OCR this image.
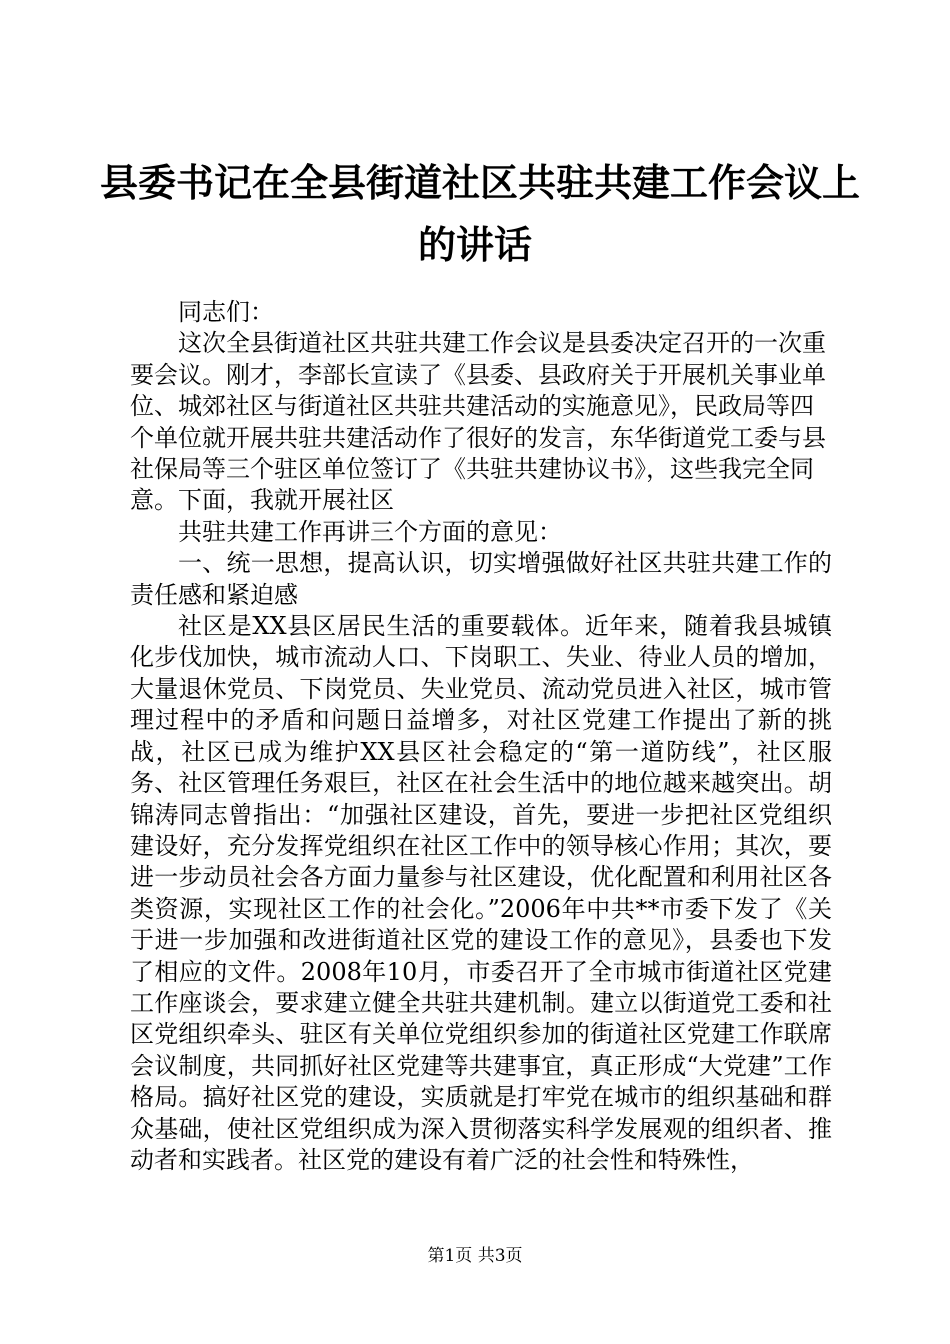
县委书记在全县街道社区共驻共建工作会议上
的讲话

同志们：

这次全县街道社区共驻共建工作会议是县委决定召开的一次重要会议。刚才，李部长宣读了《县委、县政府关于开展机关事业单位、城郊社区与街道社区共驻共建活动的实施意见》，民政局等四个单位就开展共驻共建活动作了很好的发言，东华街道党工委与县社保局等三个驻区单位签订了《共驻共建协议书》，这些我完全同意。下面，我就开展社区

共驻共建工作再讲三个方面的意见：

一、统一思想，提高认识，切实增强做好社区共驻共建工作的责任感和紧迫感

社区是XX县区居民生活的重要载体。近年来，随着我县城镇化步伐加快，城市流动人口、下岗职工、失业、待业人员的增加，大量退休党员、下岗党员、失业党员、流动党员进入社区，城市管理过程中的矛盾和问题日益增多，对社区党建工作提出了新的挑战，社区已成为维护XX县区社会稳定的“第一道防线”，社区服务、社区管理任务艰巨，社区在社会生活中的地位越来越突出。胡锦涛同志曾指出：“加强社区建设，首先，要进一步把社区党组织建设好，充分发挥党组织在社区工作中的领导核心作用；其次，要进一步动员社会各方面力量参与社区建设，优化配置和利用社区各类资源，实现社区工作的社会化。”2006年中共**市委下发了《关于进一步加强和改进街道社区党的建设工作的意见》，县委也下发了相应的文件。2008年10月，市委召开了全市城市街道社区党建工作座谈会，要求建立健全共驻共建机制。建立以街道党工委和社区党组织牵头、驻区有关单位党组织参加的街道社区党建工作联席会议制度，共同抓好社区党建等共建事宜，真正形成“大党建”工作格局。搞好社区党的建设，实质就是打牢党在城市的组织基础和群众基础，使社区党组织成为深入贯彻落实科学发展观的组织者、推动者和实践者。社区党的建设有着广泛的社会性和特殊性，

第1页 共3页
